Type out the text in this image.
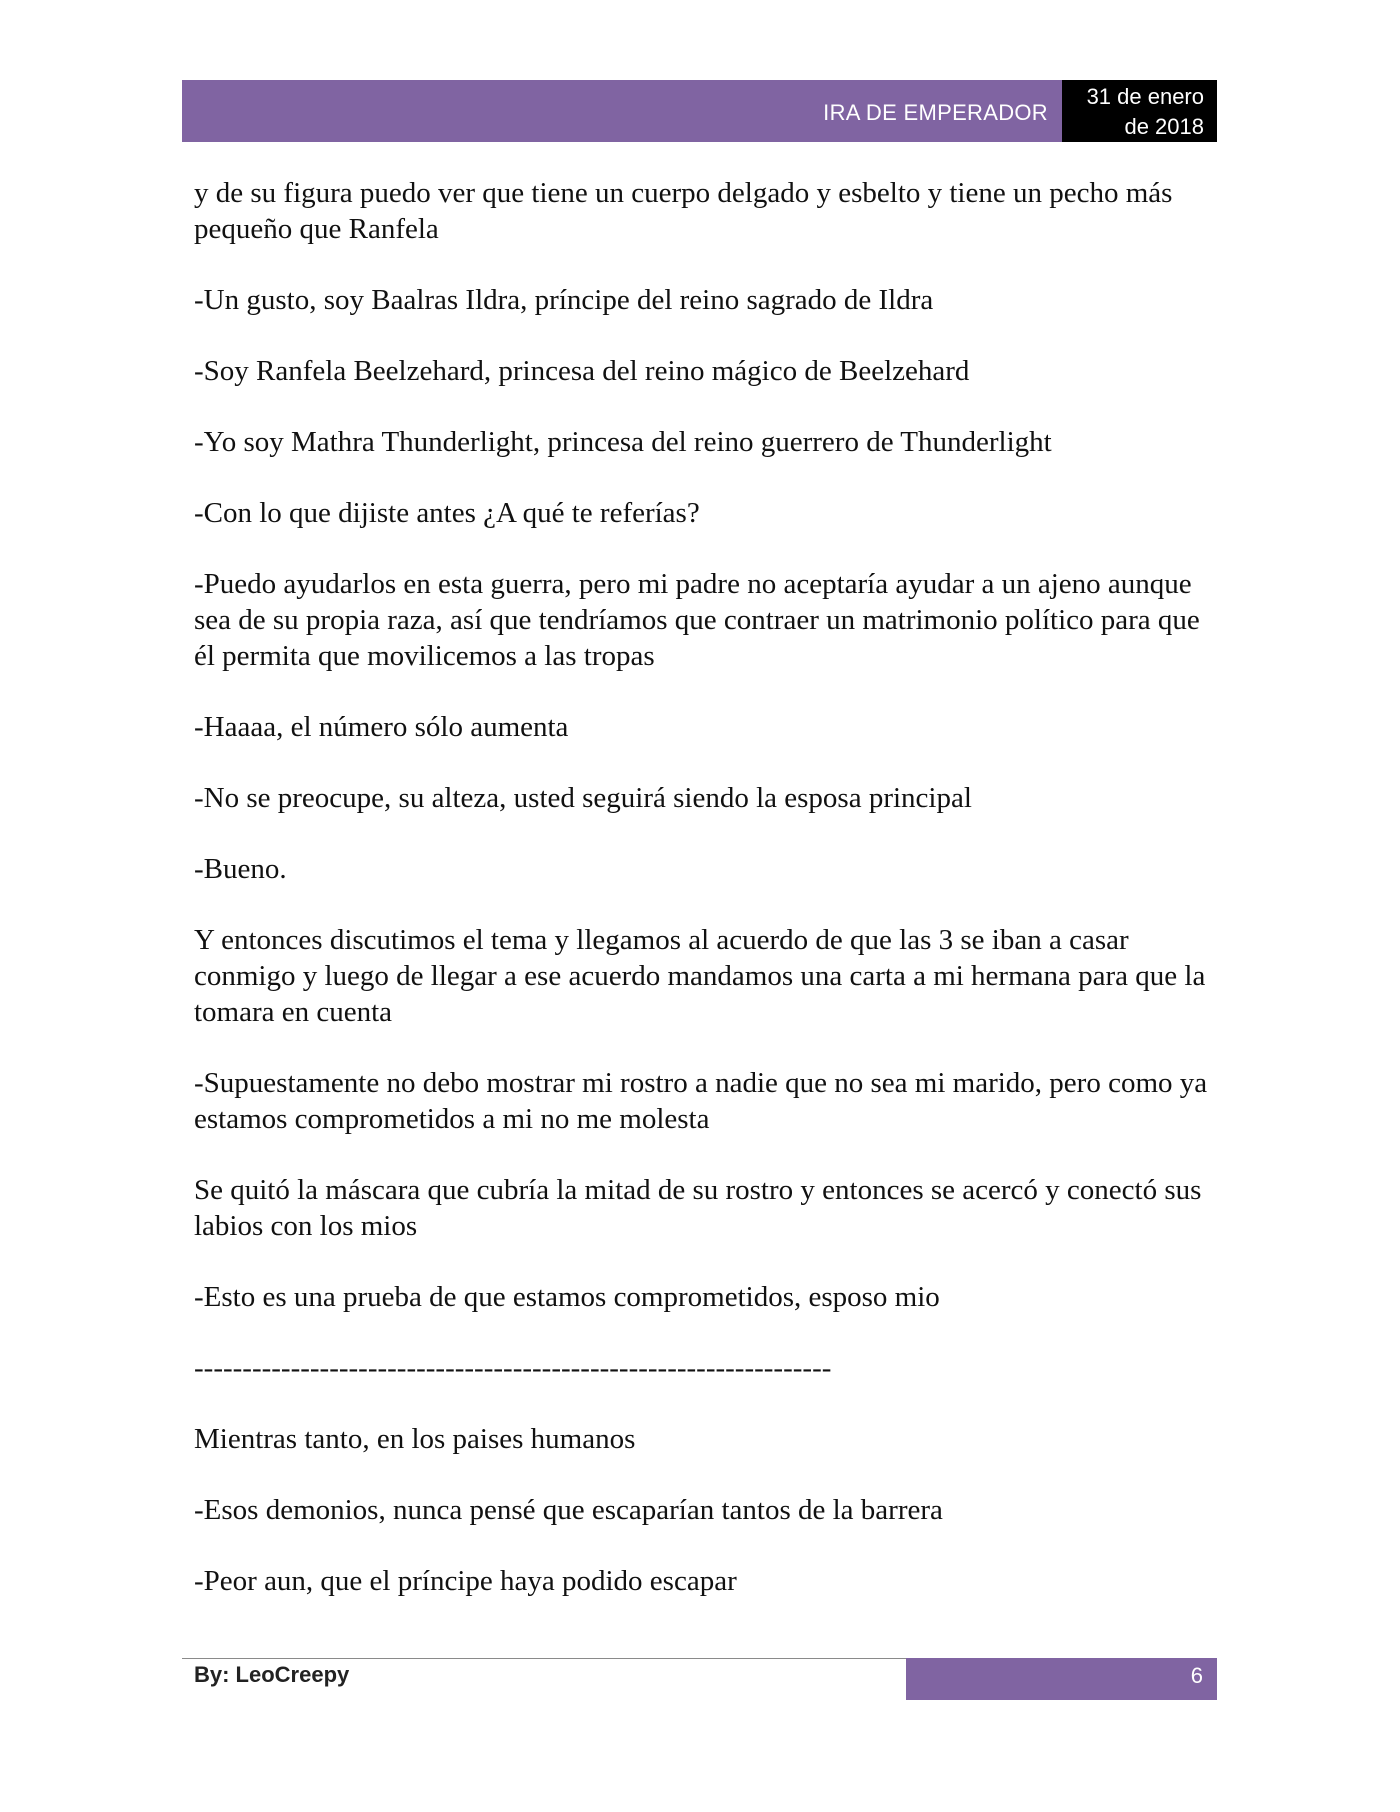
IRA DE EMPERADOR
31 de enero
de 2018

y de su figura puedo ver que tiene un cuerpo delgado y esbelto y tiene un pecho más pequeño que Ranfela

-Un gusto, soy Baalras Ildra, príncipe del reino sagrado de Ildra

-Soy Ranfela Beelzehard, princesa del reino mágico de Beelzehard

-Yo soy Mathra Thunderlight, princesa del reino guerrero de Thunderlight

-Con lo que dijiste antes ¿A qué te referías?

-Puedo ayudarlos en esta guerra, pero mi padre no aceptaría ayudar a un ajeno aunque sea de su propia raza, así que tendríamos que contraer un matrimonio político para que él permita que movilicemos a las tropas

-Haaaa, el número sólo aumenta

-No se preocupe, su alteza, usted seguirá siendo la esposa principal

-Bueno.

Y entonces discutimos el tema y llegamos al acuerdo de que las 3 se iban a casar conmigo y luego de llegar a ese acuerdo mandamos una carta a mi hermana para que la tomara en cuenta

-Supuestamente no debo mostrar mi rostro a nadie que no sea mi marido, pero como ya estamos comprometidos a mi no me molesta

Se quitó la máscara que cubría la mitad de su rostro y entonces se acercó y conectó sus labios con los mios

-Esto es una prueba de que estamos comprometidos, esposo mio

------------------------------------------------------------------

Mientras tanto, en los paises humanos

-Esos demonios, nunca pensé que escaparían tantos de la barrera

-Peor aun, que el príncipe haya podido escapar

By: LeoCreepy	6
